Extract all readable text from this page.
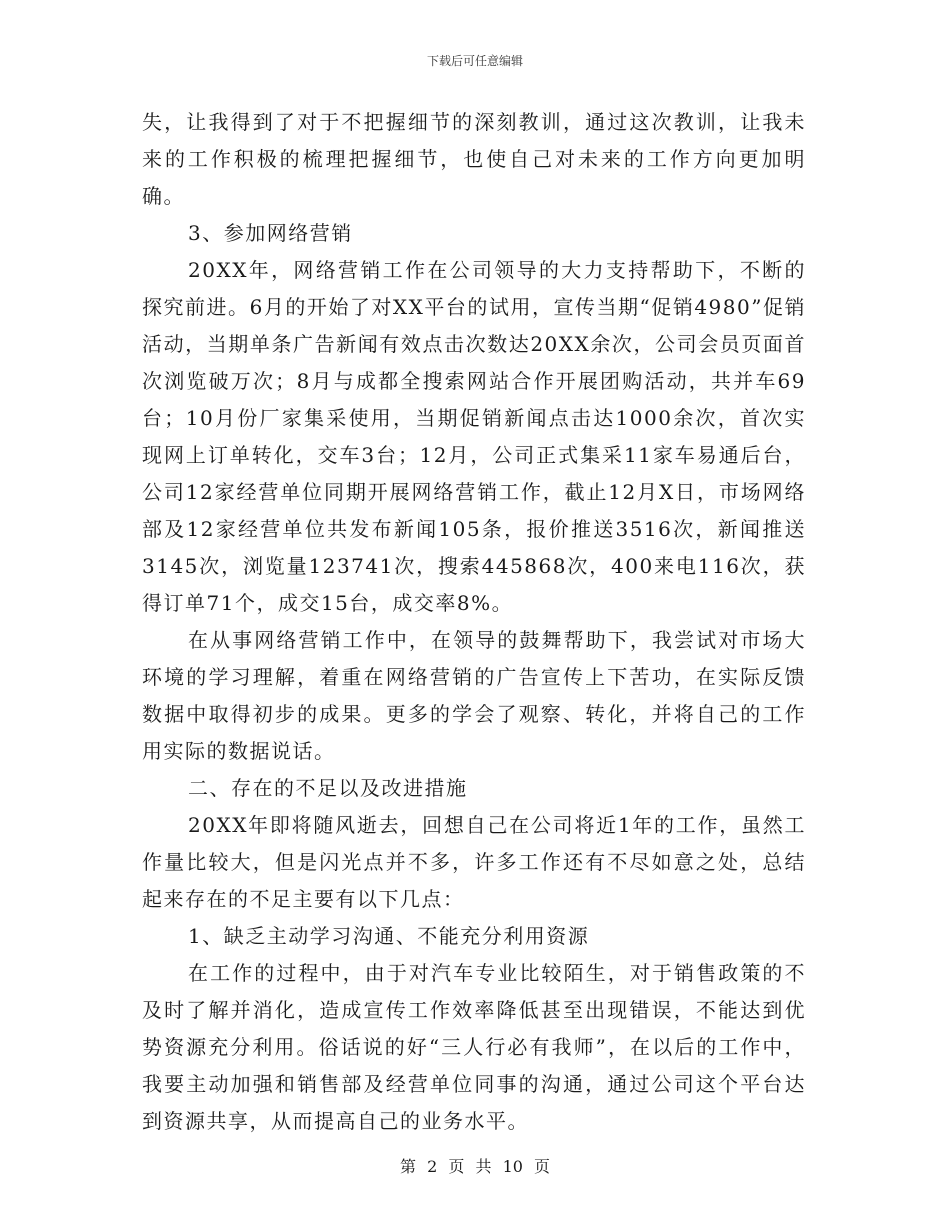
下载后可任意编辑

失，让我得到了对于不把握细节的深刻教训，通过这次教训，让我未来的工作积极的梳理把握细节，也使自己对未来的工作方向更加明确。

3、参加网络营销

20XX年，网络营销工作在公司领导的大力支持帮助下，不断的探究前进。6月的开始了对XX平台的试用，宣传当期“促销4980”促销活动，当期单条广告新闻有效点击次数达20XX余次，公司会员页面首次浏览破万次；8月与成都全搜索网站合作开展团购活动，共并车69台；10月份厂家集采使用，当期促销新闻点击达1000余次，首次实现网上订单转化，交车3台；12月，公司正式集采11家车易通后台，公司12家经营单位同期开展网络营销工作，截止12月X日，市场网络部及12家经营单位共发布新闻105条，报价推送3516次，新闻推送3145次，浏览量123741次，搜索445868次，400来电116次，获得订单71个，成交15台，成交率8%。

在从事网络营销工作中，在领导的鼓舞帮助下，我尝试对市场大环境的学习理解，着重在网络营销的广告宣传上下苦功，在实际反馈数据中取得初步的成果。更多的学会了观察、转化，并将自己的工作用实际的数据说话。

二、存在的不足以及改进措施

20XX年即将随风逝去，回想自己在公司将近1年的工作，虽然工作量比较大，但是闪光点并不多，许多工作还有不尽如意之处，总结起来存在的不足主要有以下几点：

1、缺乏主动学习沟通、不能充分利用资源

在工作的过程中，由于对汽车专业比较陌生，对于销售政策的不及时了解并消化，造成宣传工作效率降低甚至出现错误，不能达到优势资源充分利用。俗话说的好“三人行必有我师”，在以后的工作中，我要主动加强和销售部及经营单位同事的沟通，通过公司这个平台达到资源共享，从而提高自己的业务水平。

第 2 页 共 10 页
